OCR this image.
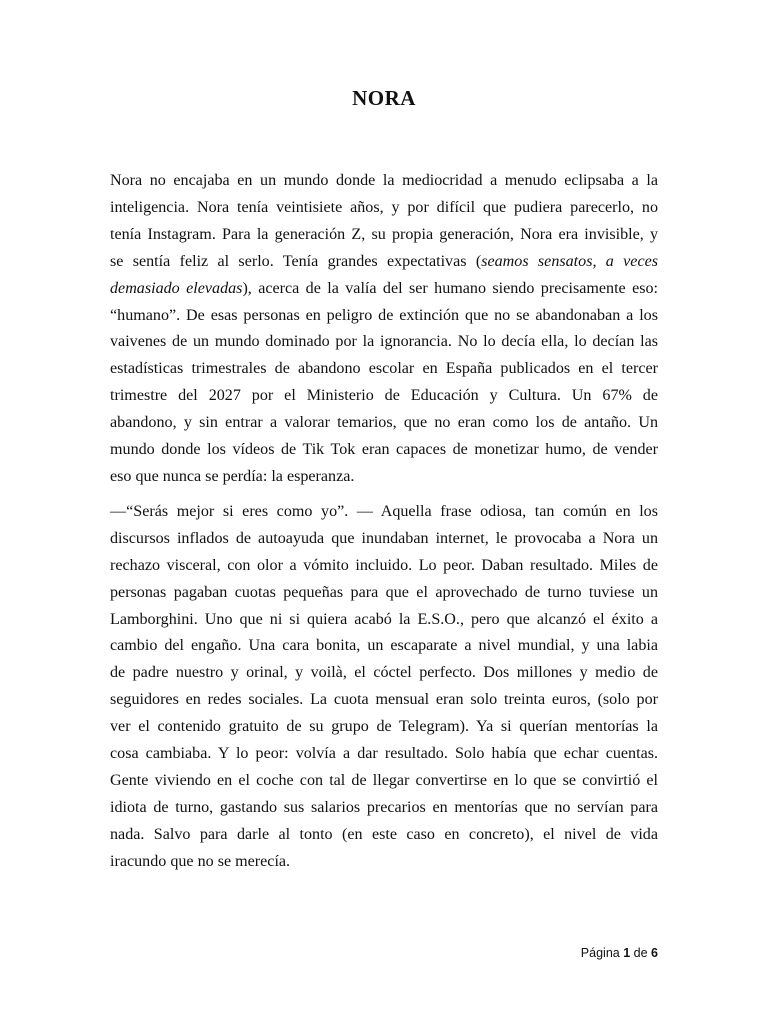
NORA

Nora no encajaba en un mundo donde la mediocridad a menudo eclipsaba a la
inteligencia. Nora tenía veintisiete años, y por difícil que pudiera parecerlo, no
tenía Instagram. Para la generación Z, su propia generación, Nora era invisible, y
se sentía feliz al serlo. Tenía grandes expectativas (seamos sensatos, a veces
demasiado elevadas), acerca de la valía del ser humano siendo precisamente eso:
“humano”. De esas personas en peligro de extinción que no se abandonaban a los
vaivenes de un mundo dominado por la ignorancia. No lo decía ella, lo decían las
estadísticas trimestrales de abandono escolar en España publicados en el tercer
trimestre del 2027 por el Ministerio de Educación y Cultura. Un 67% de
abandono, y sin entrar a valorar temarios, que no eran como los de antaño. Un
mundo donde los vídeos de Tik Tok eran capaces de monetizar humo, de vender
eso que nunca se perdía: la esperanza.

—“Serás mejor si eres como yo”. — Aquella frase odiosa, tan común en los
discursos inflados de autoayuda que inundaban internet, le provocaba a Nora un
rechazo visceral, con olor a vómito incluido. Lo peor. Daban resultado. Miles de
personas pagaban cuotas pequeñas para que el aprovechado de turno tuviese un
Lamborghini. Uno que ni si quiera acabó la E.S.O., pero que alcanzó el éxito a
cambio del engaño. Una cara bonita, un escaparate a nivel mundial, y una labia
de padre nuestro y orinal, y voilà, el cóctel perfecto. Dos millones y medio de
seguidores en redes sociales. La cuota mensual eran solo treinta euros, (solo por
ver el contenido gratuito de su grupo de Telegram). Ya si querían mentorías la
cosa cambiaba. Y lo peor: volvía a dar resultado. Solo había que echar cuentas.
Gente viviendo en el coche con tal de llegar convertirse en lo que se convirtió el
idiota de turno, gastando sus salarios precarios en mentorías que no servían para
nada. Salvo para darle al tonto (en este caso en concreto), el nivel de vida
iracundo que no se merecía.

Página 1 de 6
